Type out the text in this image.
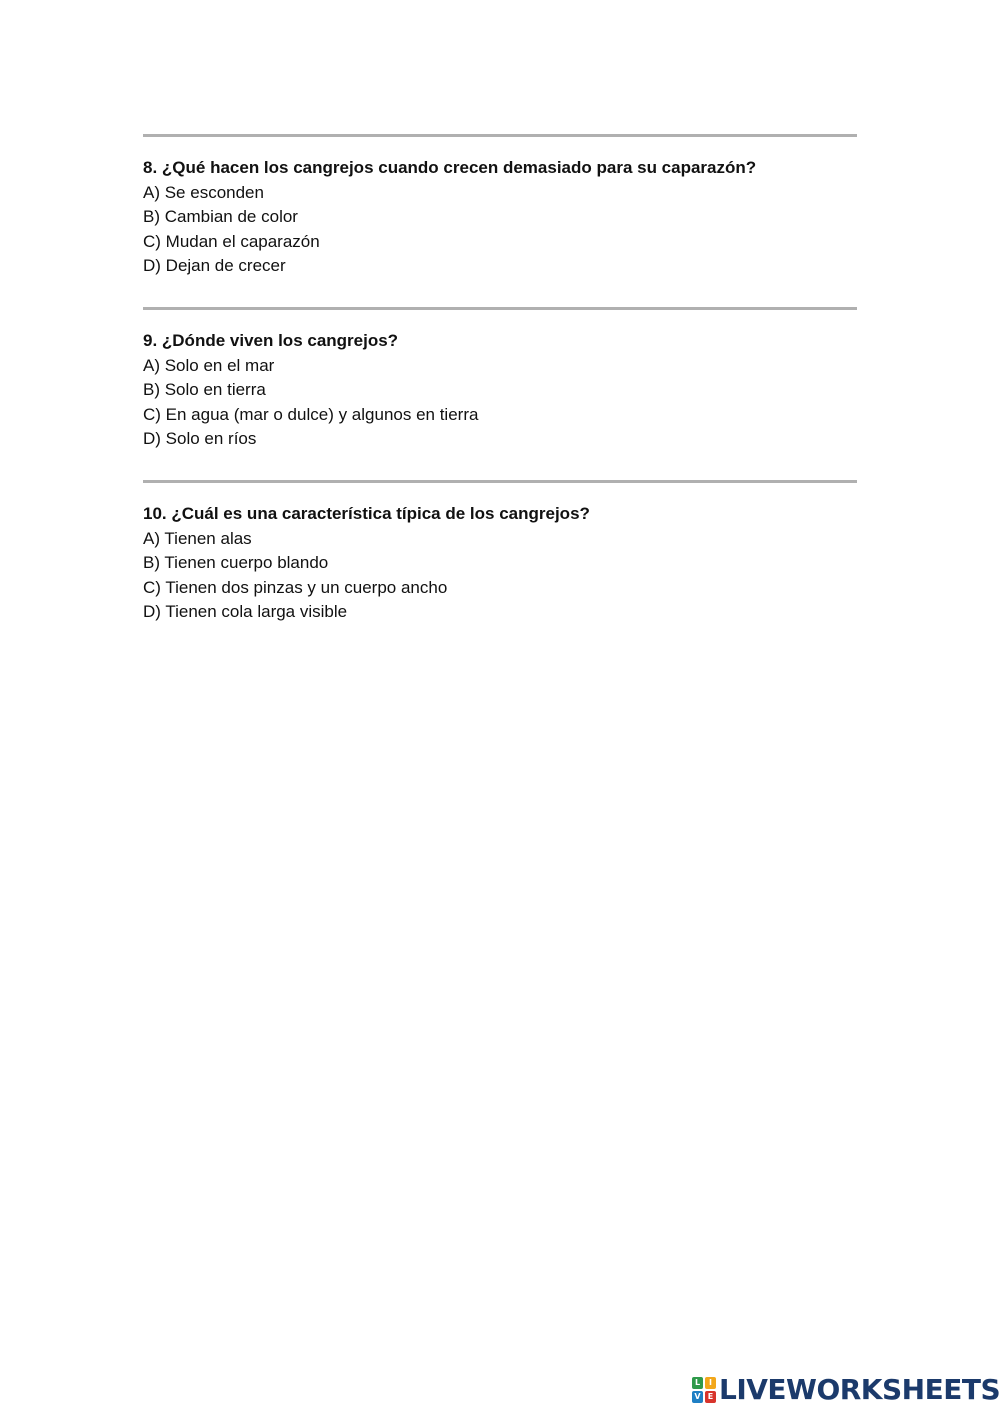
8. ¿Qué hacen los cangrejos cuando crecen demasiado para su caparazón?

A) Se esconden

B) Cambian de color

C) Mudan el caparazón

D) Dejan de crecer

9. ¿Dónde viven los cangrejos?

A) Solo en el mar

B) Solo en tierra

C) En agua (mar o dulce) y algunos en tierra

D) Solo en ríos

10. ¿Cuál es una característica típica de los cangrejos?

A) Tienen alas

B) Tienen cuerpo blando

C) Tienen dos pinzas y un cuerpo ancho

D) Tienen cola larga visible

L	I
V E LIVEWORKSHEETS
